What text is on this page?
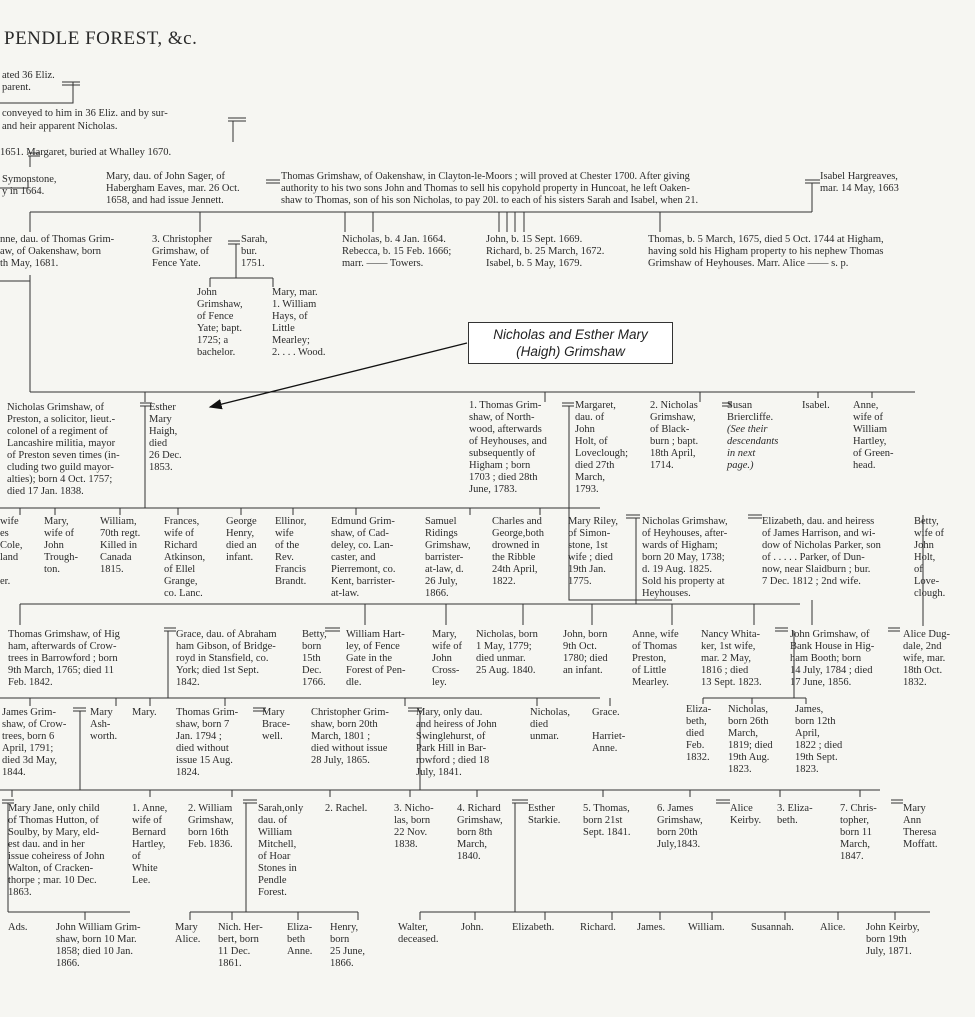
PENDLE FOREST, &c.
Nicholas and Esther Mary
(Haigh) Grimshaw
ated 36 Eliz.
parent.
conveyed to him in 36 Eliz. and by sur-
and heir apparent Nicholas.
1651. Margaret, buried at Whalley 1670.
Symonstone,
y in 1664.
Mary, dau. of John Sager, of
Habergham Eaves, mar. 26 Oct.
1658, and had issue Jennett.
Thomas Grimshaw, of Oakenshaw, in Clayton-le-Moors ; will proved at Chester 1700. After giving
authority to his two sons John and Thomas to sell his copyhold property in Huncoat, he left Oaken-
shaw to Thomas, son of his son Nicholas, to pay 20l. to each of his sisters Sarah and Isabel, when 21.
Isabel Hargreaves,
mar. 14 May, 1663
nne, dau. of Thomas Grim-
aw, of Oakenshaw, born
th May, 1681.
3. Christopher
Grimshaw, of
Fence Yate.
Sarah,
bur.
1751.
Nicholas, b. 4 Jan. 1664.
Rebecca, b. 15 Feb. 1666;
marr. —— Towers.
John, b. 15 Sept. 1669.
Richard, b. 25 March, 1672.
Isabel, b. 5 May, 1679.
Thomas, b. 5 March, 1675, died 5 Oct. 1744 at Higham,
having sold his Higham property to his nephew Thomas
Grimshaw of Heyhouses. Marr. Alice —— s. p.
John
Grimshaw,
of Fence
Yate; bapt.
1725; a
bachelor.
Mary, mar.
1. William
Hays, of
Little
Mearley;
2. . . . Wood.
Nicholas Grimshaw, of
Preston, a solicitor, lieut.-
colonel of a regiment of
Lancashire militia, mayor
of Preston seven times (in-
cluding two guild mayor-
alties); born 4 Oct. 1757;
died 17 Jan. 1838.
Esther
Mary
Haigh,
died
26 Dec.
1853.
1. Thomas Grim-
shaw, of North-
wood, afterwards
of Heyhouses, and
subsequently of
Higham ; born
1703 ; died 28th
June, 1783.
Margaret,
dau. of
John
Holt, of
Loveclough;
died 27th
March,
1793.
2. Nicholas
Grimshaw,
of Black-
burn ; bapt.
18th April,
1714.
Susan
Briercliffe.
(See their
descendants
in next
page.)
Isabel. Anne,
wife of
William
Hartley,
of Green-
head.
wife
es
Cole,
land

er.
Mary,
wife of
John
Trough-
ton.
William,
70th regt.
Killed in
Canada
1815.
Frances,
wife of
Richard
Atkinson,
of Ellel
Grange,
co. Lanc.
George
Henry,
died an
infant.
Ellinor,
wife
of the
Rev.
Francis
Brandt.
Edmund Grim-
shaw, of Cad-
deley, co. Lan-
caster, and
Pierremont, co.
Kent, barrister-
at-law.
Samuel
Ridings
Grimshaw,
barrister-
at-law, d.
26 July,
1866.
Charles and
George,both
drowned in
the Ribble
24th April,
1822.
Mary Riley,
of Simon-
stone, 1st
wife ; died
19th Jan.
1775.
Nicholas Grimshaw,
of Heyhouses, after-
wards of Higham;
born 20 May, 1738;
d. 19 Aug. 1825.
Sold his property at
Heyhouses.
Elizabeth, dau. and heiress
of James Harrison, and wi-
dow of Nicholas Parker, son
of . . . . . Parker, of Dun-
now, near Slaidburn ; bur.
7 Dec. 1812 ; 2nd wife.
Betty,
wife of
John
Holt,
of
Love-
clough.
Thomas Grimshaw, of Hig
ham, afterwards of Crow-
trees in Barrowford ; born
9th March, 1765; died 11
Feb. 1842.
Grace, dau. of Abraham
ham Gibson, of Bridge-
royd in Stansfield, co.
York; died 1st Sept.
1842.
Betty,
born
15th
Dec.
1766.
William Hart-
ley, of Fence
Gate in the
Forest of Pen-
dle.
Mary,
wife of
John
Cross-
ley.
Nicholas, born
1 May, 1779;
died unmar.
25 Aug. 1840.
John, born
9th Oct.
1780; died
an infant.
Anne, wife
of Thomas
Preston,
of Little
Mearley.
Nancy Whita-
ker, 1st wife,
mar. 2 May,
1816 ; died
13 Sept. 1823.
John Grimshaw, of
Bank House in Hig-
ham Booth; born
14 July, 1784 ; died
17 June, 1856.
Alice Dug-
dale, 2nd
wife, mar.
18th Oct.
1832.
James Grim-
shaw, of Crow-
trees, born 6
April, 1791;
died 3d May,
1844.
Mary
Ash-
worth.
Mary. Thomas Grim-
shaw, born 7
Jan. 1794 ;
died without
issue 15 Aug.
1824.
Mary
Brace-
well.
Christopher Grim-
shaw, born 20th
March, 1801 ;
died without issue
28 July, 1865.
Mary, only dau.
and heiress of John
Swinglehurst, of
Park Hill in Bar-
rowford ; died 18
July, 1841.
Nicholas,
died
unmar.
Grace.

Harriet-
Anne.
Eliza-
beth,
died
Feb.
1832.
Nicholas,
born 26th
March,
1819; died
19th Aug.
1823.
James,
born 12th
April,
1822 ; died
19th Sept.
1823.
Mary Jane, only child
of Thomas Hutton, of
Soulby, by Mary, eld-
est dau. and in her
issue coheiress of John
Walton, of Cracken-
thorpe ; mar. 10 Dec.
1863.
1. Anne,
wife of
Bernard
Hartley,
of
White
Lee.
2. William
Grimshaw,
born 16th
Feb. 1836.
Sarah,only
dau. of
William
Mitchell,
of Hoar
Stones in
Pendle
Forest.
2. Rachel.	3. Nicho-
las, born
22 Nov.
1838.
4. Richard
Grimshaw,
born 8th
March,
1840.
Esther
Starkie.
5. Thomas,
born 21st
Sept. 1841.
6. James
Grimshaw,
born 20th
July,1843.
Alice
Keirby.
3. Eliza-
beth.
7. Chris-
topher,
born 11
March,
1847.
Mary
Ann
Theresa
Moffatt.
Ads.	John William Grim-
shaw, born 10 Mar.
1858; died 10 Jan.
1866.
Mary
Alice.
Nich. Her-
bert, born
11 Dec.
1861.
Eliza-
beth
Anne.
Henry,
born
25 June,
1866.
Walter,
deceased.
John.	Elizabeth. Richard. James. William.	Susannah. Alice. John Keirby,
born 19th
July, 1871.
